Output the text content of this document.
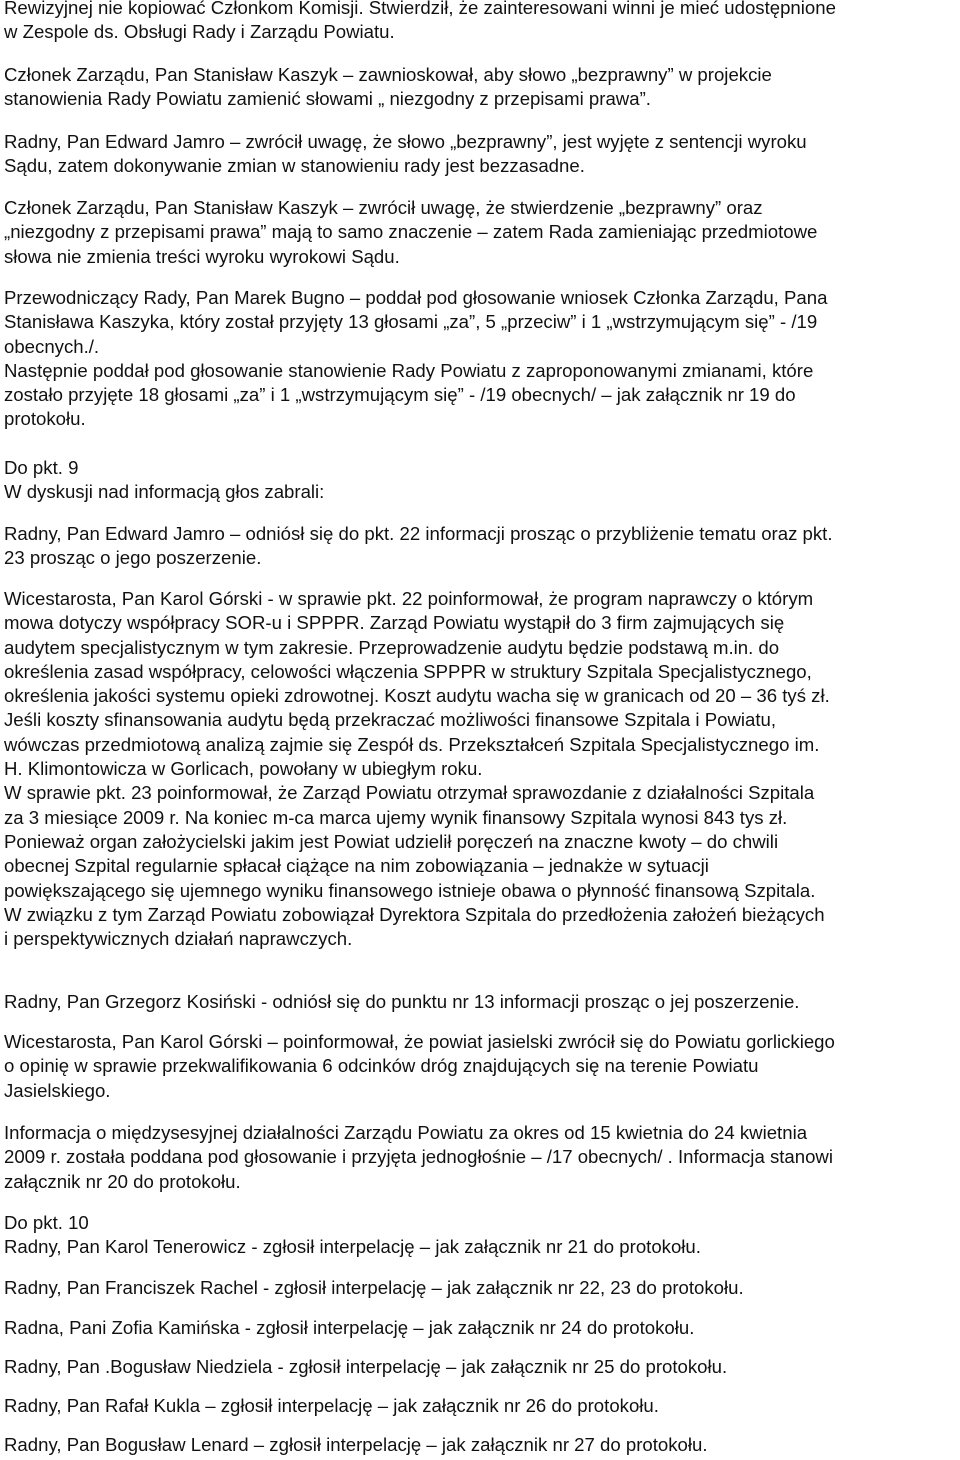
Rewizyjnej nie kopiować Członkom Komisji. Stwierdził, że zainteresowani winni je mieć udostępnione
w Zespole ds. Obsługi Rady i Zarządu Powiatu.

Członek Zarządu, Pan Stanisław Kaszyk – zawnioskował, aby słowo „bezprawny” w projekcie
stanowienia Rady Powiatu zamienić słowami „ niezgodny z przepisami prawa”.

Radny, Pan Edward Jamro – zwrócił uwagę, że słowo „bezprawny”, jest wyjęte z sentencji wyroku
Sądu, zatem dokonywanie zmian w stanowieniu rady jest bezzasadne.

Członek Zarządu, Pan Stanisław Kaszyk – zwrócił uwagę, że stwierdzenie „bezprawny” oraz
„niezgodny z przepisami prawa” mają to samo znaczenie – zatem Rada zamieniając przedmiotowe
słowa nie zmienia treści wyroku wyrokowi Sądu.

Przewodniczący Rady, Pan Marek Bugno – poddał pod głosowanie wniosek Członka Zarządu, Pana
Stanisława Kaszyka, który został przyjęty 13 głosami „za”, 5 „przeciw” i 1 „wstrzymującym się” - /19
obecnych./.
Następnie poddał pod głosowanie stanowienie Rady Powiatu z zaproponowanymi zmianami, które
zostało przyjęte 18 głosami „za” i 1 „wstrzymującym się” - /19 obecnych/ – jak załącznik nr 19 do
protokołu.

Do pkt. 9
W dyskusji nad informacją głos zabrali:

Radny, Pan Edward Jamro – odniósł się do pkt. 22 informacji prosząc o przybliżenie tematu oraz pkt.
23 prosząc o jego poszerzenie.

Wicestarosta, Pan Karol Górski - w sprawie pkt. 22 poinformował, że program naprawczy o którym
mowa dotyczy współpracy SOR-u i SPPPR. Zarząd Powiatu wystąpił do 3 firm zajmujących się
audytem specjalistycznym w tym zakresie. Przeprowadzenie audytu będzie podstawą m.in. do
określenia zasad współpracy, celowości włączenia SPPPR w struktury Szpitala Specjalistycznego,
określenia jakości systemu opieki zdrowotnej. Koszt audytu wacha się w granicach od 20 – 36 tyś zł.
Jeśli koszty sfinansowania audytu będą przekraczać możliwości finansowe Szpitala i Powiatu,
wówczas przedmiotową analizą zajmie się Zespół ds. Przekształceń Szpitala Specjalistycznego im.
H. Klimontowicza w Gorlicach, powołany w ubiegłym roku.
W sprawie pkt. 23 poinformował, że Zarząd Powiatu otrzymał sprawozdanie z działalności Szpitala
za 3 miesiące 2009 r. Na koniec m-ca marca ujemy wynik finansowy Szpitala wynosi 843 tys zł.
Ponieważ organ założycielski jakim jest Powiat udzielił poręczeń na znaczne kwoty – do chwili
obecnej Szpital regularnie spłacał ciążące na nim zobowiązania – jednakże w sytuacji
powiększającego się ujemnego wyniku finansowego istnieje obawa o płynność finansową Szpitala.
W związku z tym Zarząd Powiatu zobowiązał Dyrektora Szpitala do przedłożenia założeń bieżących
i perspektywicznych działań naprawczych.

Radny, Pan Grzegorz Kosiński - odniósł się do punktu nr 13 informacji prosząc o jej poszerzenie.

Wicestarosta, Pan Karol Górski – poinformował, że powiat jasielski zwrócił się do Powiatu gorlickiego
o opinię w sprawie przekwalifikowania 6 odcinków dróg znajdujących się na terenie Powiatu
Jasielskiego.

Informacja o międzysesyjnej działalności Zarządu Powiatu za okres od 15 kwietnia do 24 kwietnia
2009 r. została poddana pod głosowanie i przyjęta jednogłośnie – /17 obecnych/ . Informacja stanowi
załącznik nr 20 do protokołu.

Do pkt. 10
Radny, Pan Karol Tenerowicz - zgłosił interpelację – jak załącznik nr 21 do protokołu.

Radny, Pan Franciszek Rachel - zgłosił interpelację – jak załącznik nr 22, 23 do protokołu.

Radna, Pani Zofia Kamińska - zgłosił interpelację – jak załącznik nr 24 do protokołu.

Radny, Pan .Bogusław Niedziela - zgłosił interpelację – jak załącznik nr 25 do protokołu.

Radny, Pan Rafał Kukla – zgłosił interpelację – jak załącznik nr 26 do protokołu.

Radny, Pan Bogusław Lenard – zgłosił interpelację – jak załącznik nr 27 do protokołu.
